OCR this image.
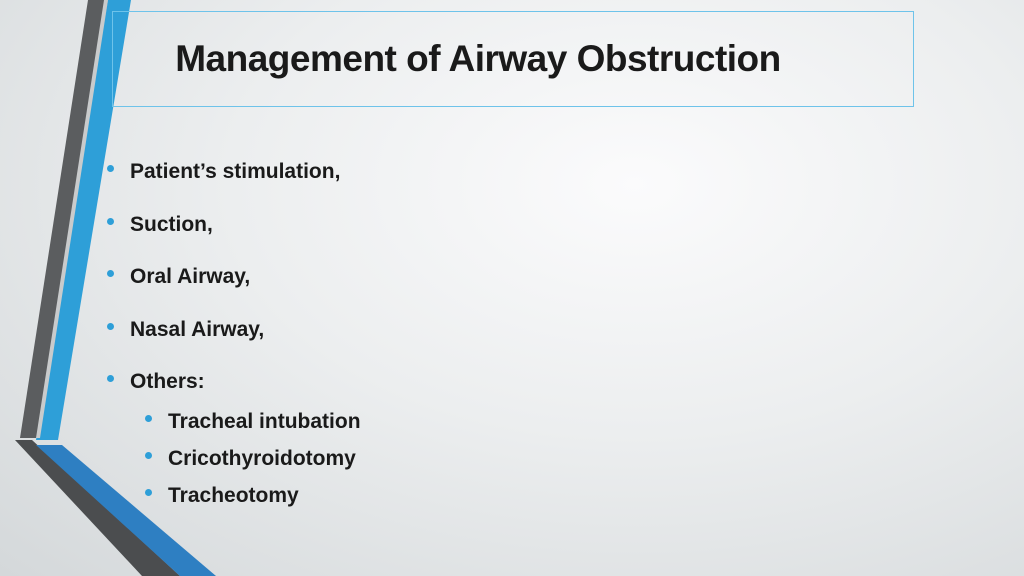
Management of Airway Obstruction
Patient’s stimulation,
Suction,
Oral Airway,
Nasal Airway,
Others:
Tracheal intubation
Cricothyroidotomy
Tracheotomy
